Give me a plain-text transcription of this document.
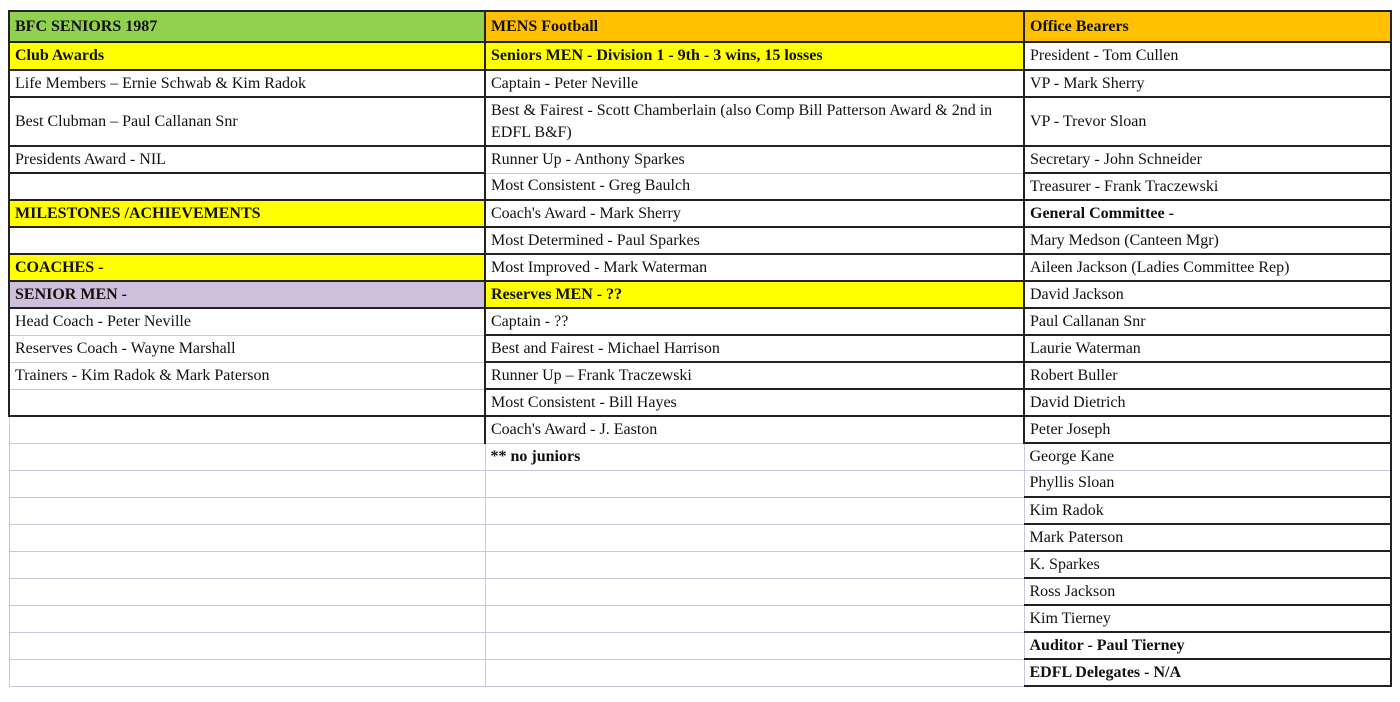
BFC SENIORS 1987	MENS Football	Office Bearers
Club Awards	Seniors MEN - Division 1 - 9th - 3 wins, 15 losses	President - Tom Cullen
Life Members – Ernie Schwab & Kim Radok	Captain - Peter Neville	VP - Mark Sherry
Best Clubman – Paul Callanan Snr	Best & Fairest - Scott Chamberlain (also Comp Bill Patterson Award & 2nd in EDFL B&F)	VP - Trevor Sloan
Presidents Award - NIL	Runner Up - Anthony Sparkes	Secretary - John Schneider
	Most Consistent - Greg Baulch	Treasurer - Frank Traczewski
MILESTONES /ACHIEVEMENTS	Coach's Award - Mark Sherry	General Committee -
	Most Determined - Paul Sparkes	Mary Medson (Canteen Mgr)
COACHES -	Most Improved - Mark Waterman	Aileen Jackson (Ladies Committee Rep)
SENIOR MEN -	Reserves MEN - ??	David Jackson
Head Coach - Peter Neville	Captain - ??	Paul Callanan Snr
Reserves Coach - Wayne Marshall	Best and Fairest - Michael Harrison	Laurie Waterman
Trainers - Kim Radok & Mark Paterson	Runner Up – Frank Traczewski	Robert Buller
	Most Consistent - Bill Hayes	David Dietrich
	Coach's Award - J. Easton	Peter Joseph
	** no juniors	George Kane
		Phyllis Sloan
		Kim Radok
		Mark Paterson
		K. Sparkes
		Ross Jackson
		Kim Tierney
		Auditor - Paul Tierney
		EDFL Delegates - N/A
